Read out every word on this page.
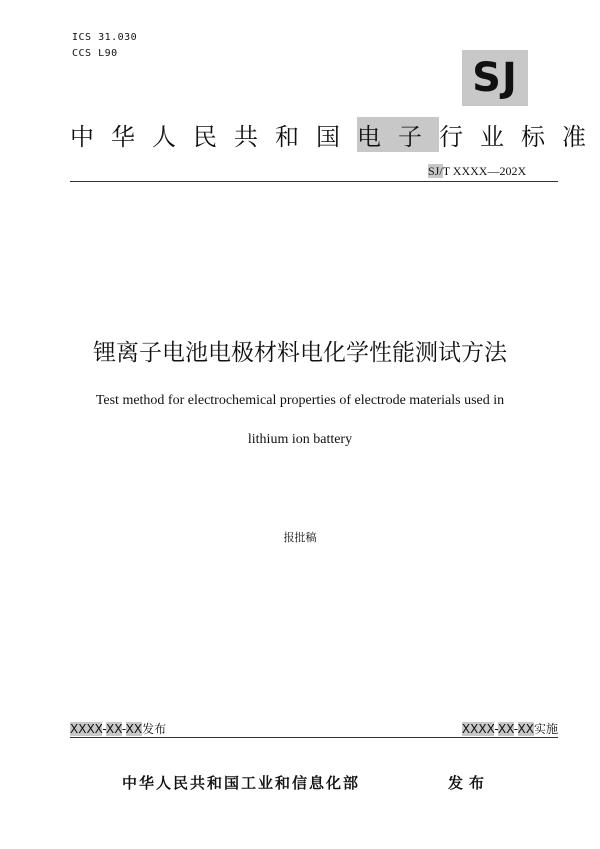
ICS 31.030
CCS L90
SJ
中 华 人 民 共 和 国 电 子 行 业 标 准
SJ/T XXXX—202X
锂离子电池电极材料电化学性能测试方法
Test method for electrochemical properties of electrode materials used in
lithium ion battery
报批稿
XXXX-XX-XX发布	XXXX-XX-XX实施
中华人民共和国工业和信息化部	发布
